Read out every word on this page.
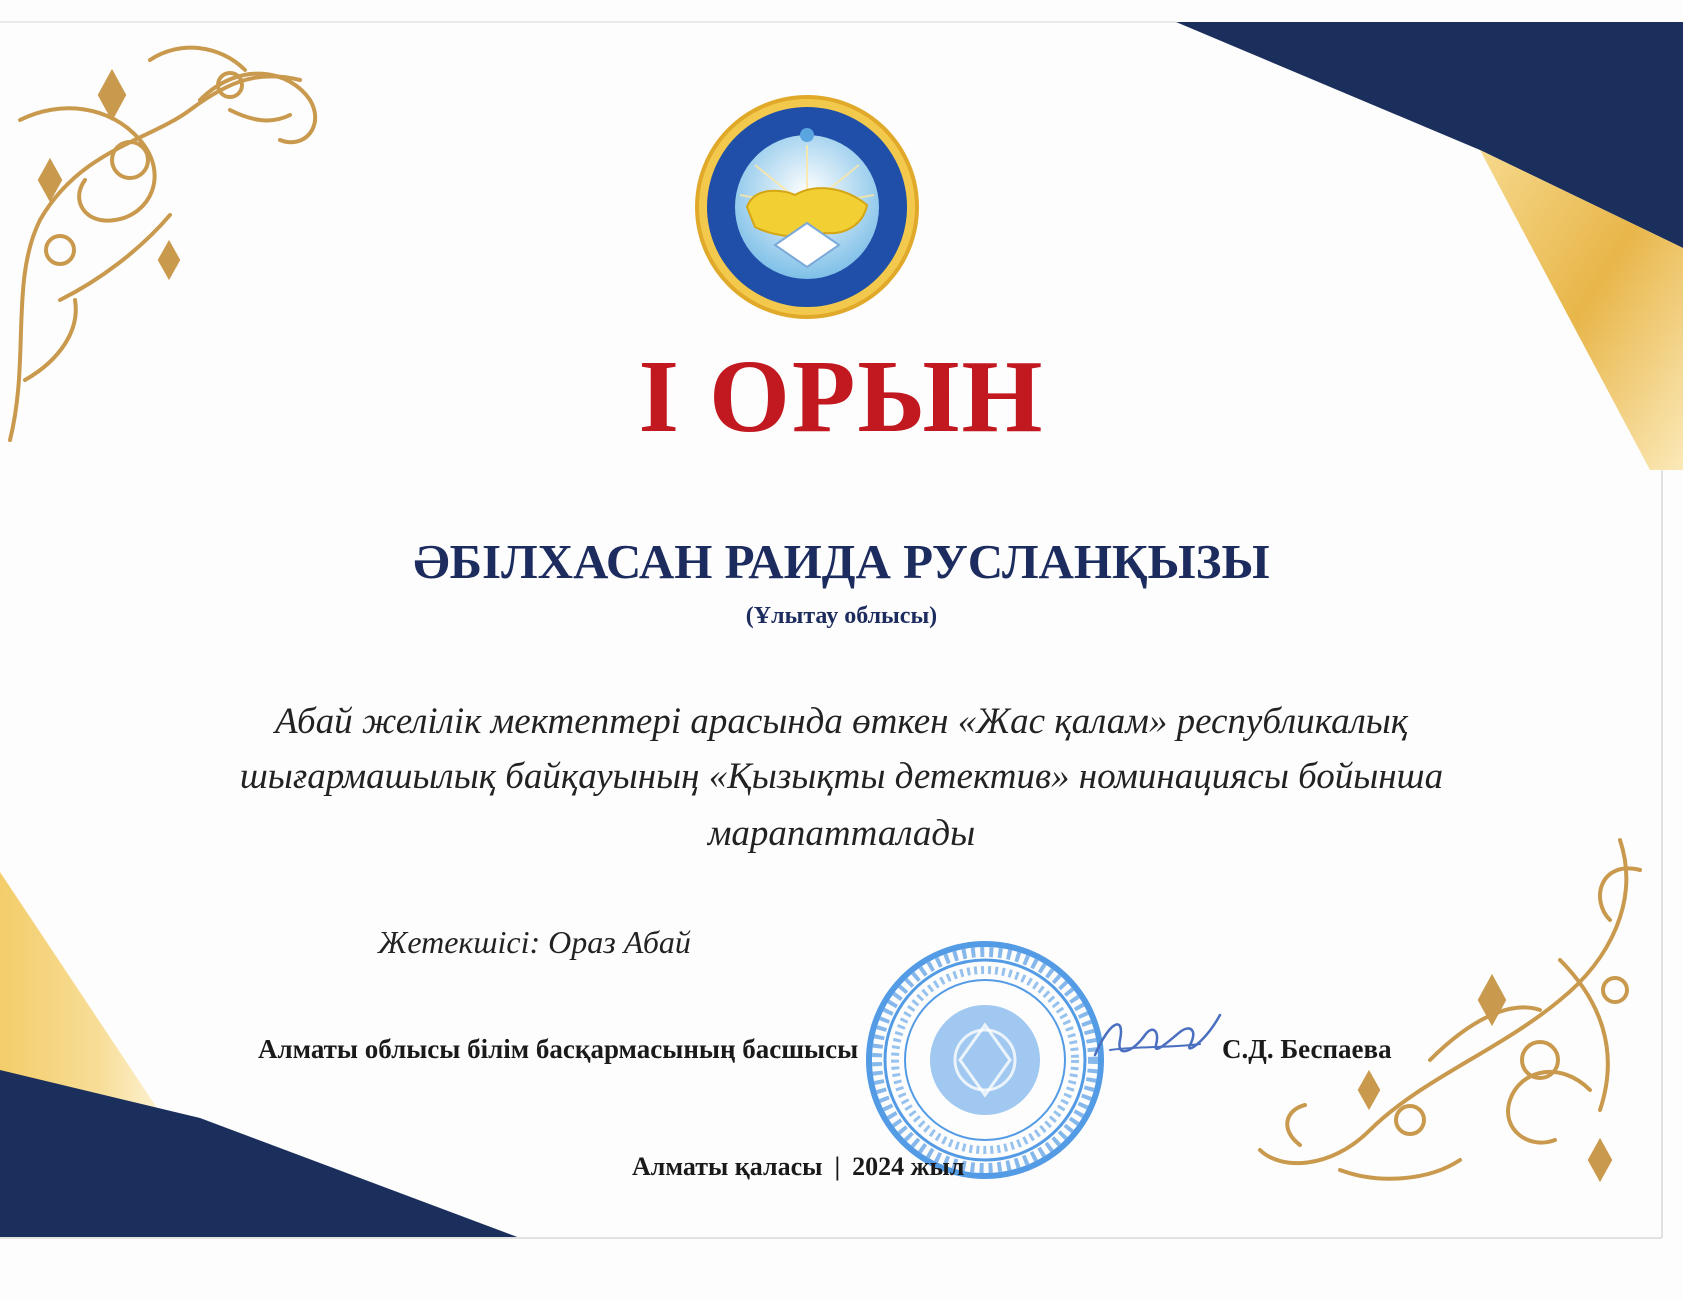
І ОРЫН
ӘБІЛХАСАН РАИДА РУСЛАНҚЫЗЫ
(Ұлытау облысы)
Абай желілік мектептері арасында өткен «Жас қалам» республикалық
шығармашылық байқауының «Қызықты детектив» номинациясы бойынша
марапатталады
Жетекшісі: Ораз Абай
Алматы облысы білім басқармасының басшысы	С.Д. Беспаева
Алматы қаласы | 2024 жыл
